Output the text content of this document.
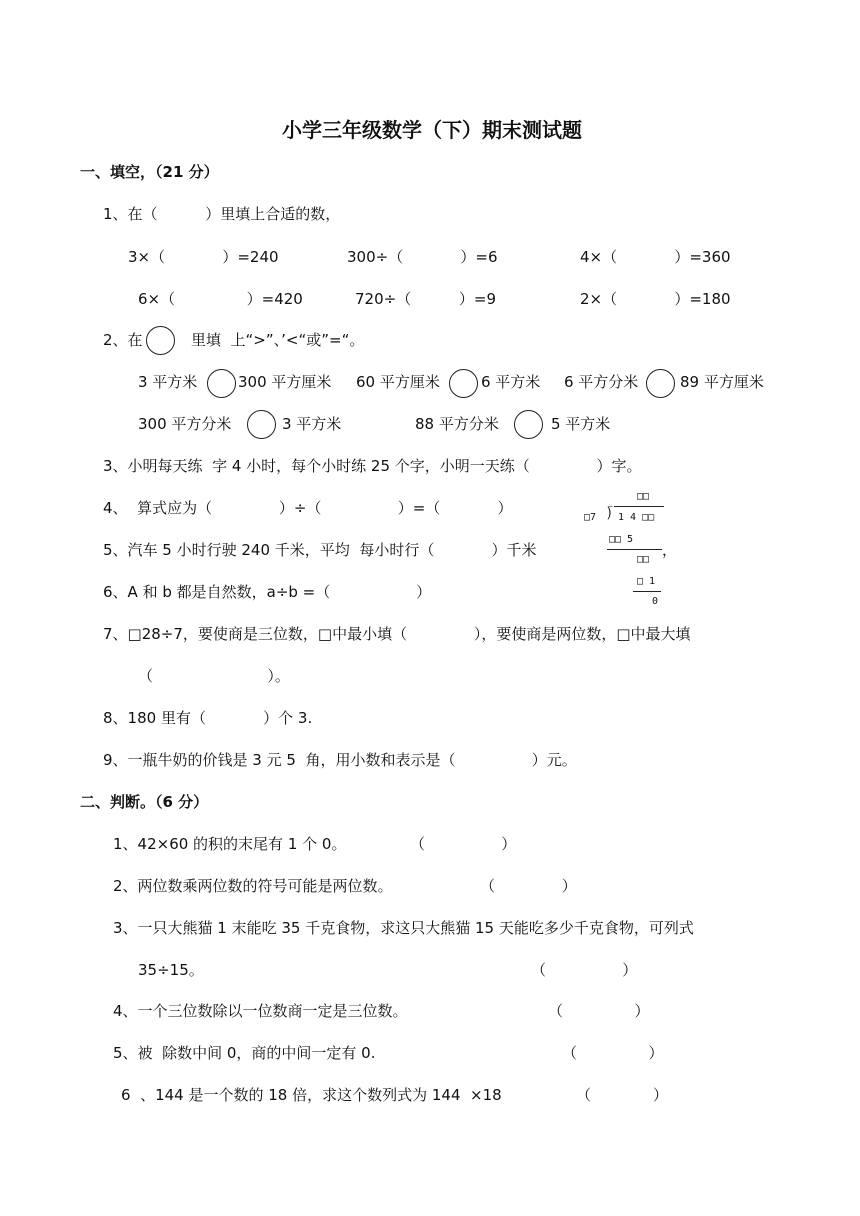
小学三年级数学（下）期末测试题
一、填空，（21 分）
1、在（          ）里填上合适的数，
3×（            ）=240	300÷（            ）=6	4×（            ）=360
6×（               ）=420	720÷（          ）=9	2×（            ）=180
2、在	里填  上“>”、’<“或”=“。
3 平方米	300 平方厘米 60 平方厘米	6 平方米 6 平方分米	89 平方厘米
300 平方分米	3 平方米	88 平方分米	5 平方米
3、小明每天练  字 4 小时，每个小时练 25 个字，小明一天练（              ）字。
4、  算式应为（              ）÷（                ）=（            ）
5、汽车 5 小时行驶 240 千米，平均  每小时行（            ）千米	，
6、A 和 b 都是自然数，a÷b =（                  ）
7、□28÷7，要使商是三位数，□中最小填（              ），要使商是两位数，□中最大填
（                        ）。
8、180 里有（            ）个 3.
9、一瓶牛奶的价钱是 3 元 5  角，用小数和表示是（                ）元。
□□
□7 ⟌ 1 4 □□
□□ 5
□□
□ 1
0
二、判断。（6 分）
1、42×60 的积的末尾有 1 个 0。	（                ）
2、两位数乘两位数的符号可能是两位数。	（              ）
3、一只大熊猫 1 末能吃 35 千克食物，求这只大熊猫 15 天能吃多少千克食物，可列式
35÷15。	（                ）
4、一个三位数除以一位数商一定是三位数。	（               ）
5、被  除数中间 0，商的中间一定有 0.	（               ）
6  、144 是一个数的 18 倍，求这个数列式为 144  ×18	（             ）
